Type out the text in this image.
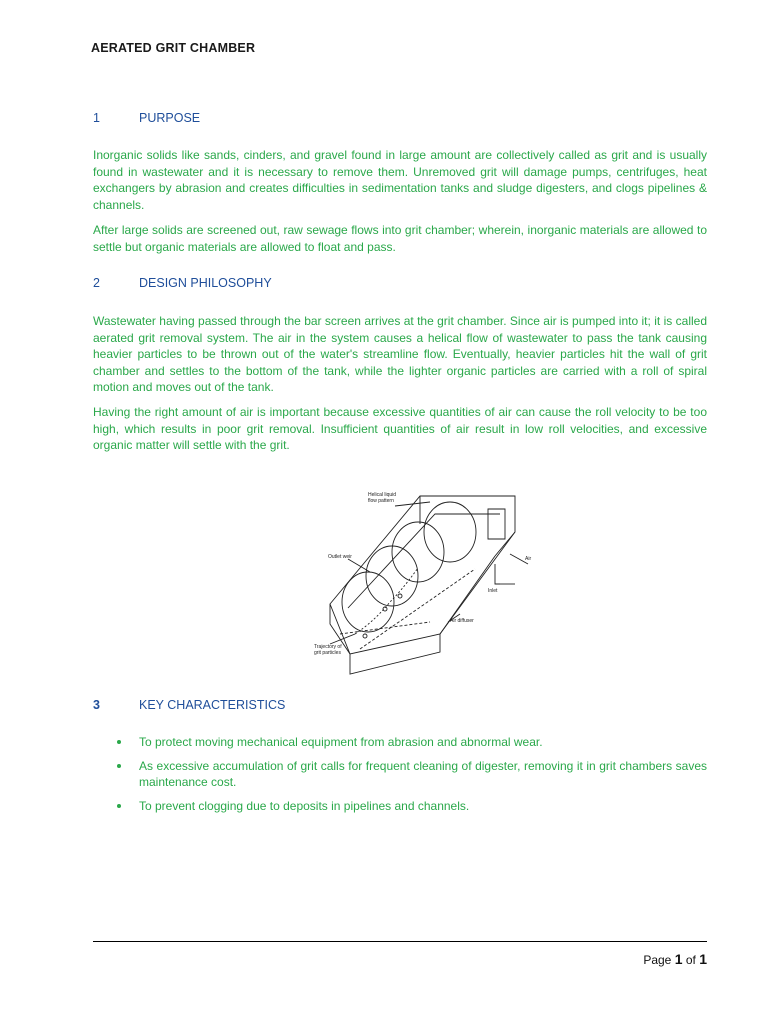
AERATED GRIT CHAMBER
1	PURPOSE

Inorganic solids like sands, cinders, and gravel found in large amount are collectively called as grit and is usually found in wastewater and it is necessary to remove them. Unremoved grit will damage pumps, centrifuges, heat exchangers by abrasion and creates difficulties in sedimentation tanks and sludge digesters, and clogs pipelines & channels.

After large solids are screened out, raw sewage flows into grit chamber; wherein, inorganic materials are allowed to settle but organic materials are allowed to float and pass.

2	DESIGN PHILOSOPHY

Wastewater having passed through the bar screen arrives at the grit chamber. Since air is pumped into it; it is called aerated grit removal system. The air in the system causes a helical flow of wastewater to pass the tank causing heavier particles to be thrown out of the water's streamline flow. Eventually, heavier particles hit the wall of grit chamber and settles to the bottom of the tank, while the lighter organic particles are carried with a roll of spiral motion and moves out of the tank.

Having the right amount of air is important because excessive quantities of air can cause the roll velocity to be too high, which results in poor grit removal. Insufficient quantities of air result in low roll velocities, and excessive organic matter will settle with the grit.

Helical liquid
flow pattern
Outlet weir	Air
Inlet
Air diffuser
Trajectory of
grit particles
3	KEY CHARACTERISTICS
To protect moving mechanical equipment from abrasion and abnormal wear.
As excessive accumulation of grit calls for frequent cleaning of digester, removing it in grit chambers saves maintenance cost.
To prevent clogging due to deposits in pipelines and channels.
Page 1 of 1
